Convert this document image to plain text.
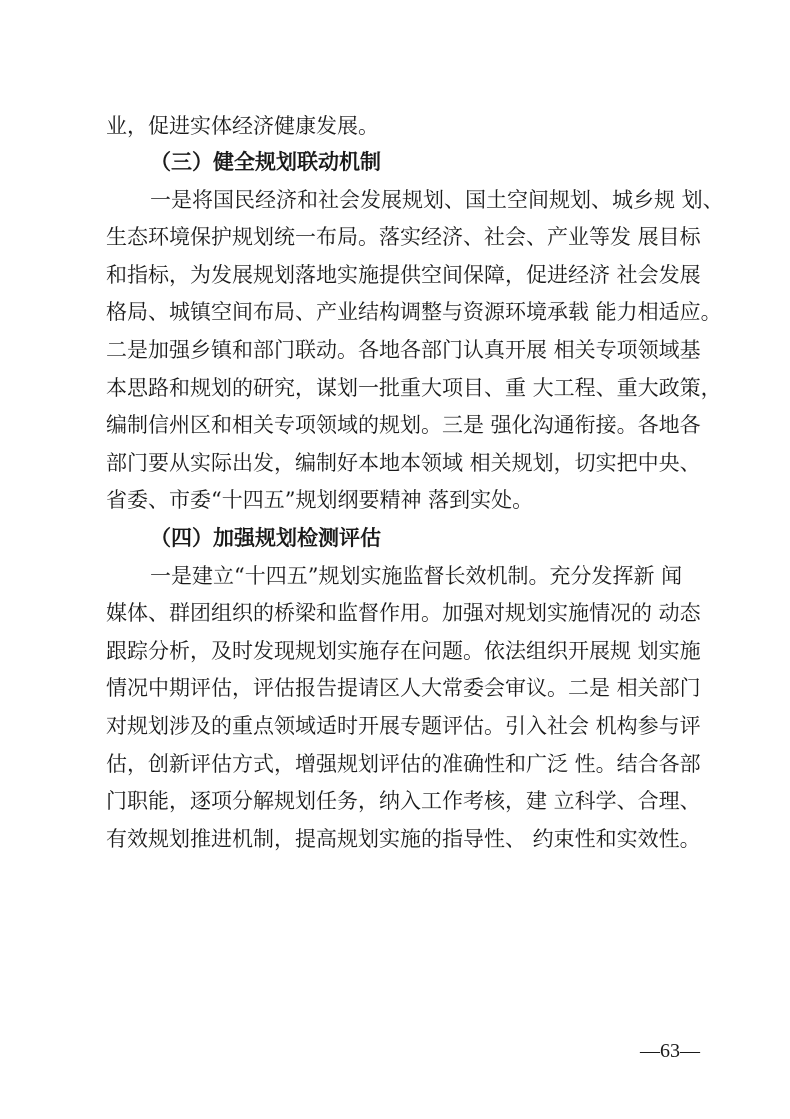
业，促进实体经济健康发展。
（三）健全规划联动机制
一是将国民经济和社会发展规划、国土空间规划、城乡规 划、
生态环境保护规划统一布局。落实经济、社会、产业等发 展目标
和指标，为发展规划落地实施提供空间保障，促进经济 社会发展
格局、城镇空间布局、产业结构调整与资源环境承载 能力相适应。
二是加强乡镇和部门联动。各地各部门认真开展 相关专项领域基
本思路和规划的研究，谋划一批重大项目、重 大工程、重大政策，
编制信州区和相关专项领域的规划。三是 强化沟通衔接。各地各
部门要从实际出发，编制好本地本领域 相关规划，切实把中央、
省委、市委“十四五”规划纲要精神 落到实处。
（四）加强规划检测评估
一是建立“十四五”规划实施监督长效机制。充分发挥新 闻
媒体、群团组织的桥梁和监督作用。加强对规划实施情况的 动态
跟踪分析，及时发现规划实施存在问题。依法组织开展规 划实施
情况中期评估，评估报告提请区人大常委会审议。二是 相关部门
对规划涉及的重点领域适时开展专题评估。引入社会 机构参与评
估，创新评估方式，增强规划评估的准确性和广泛 性。结合各部
门职能，逐项分解规划任务，纳入工作考核，建 立科学、合理、
有效规划推进机制，提高规划实施的指导性、 约束性和实效性。
—63—
